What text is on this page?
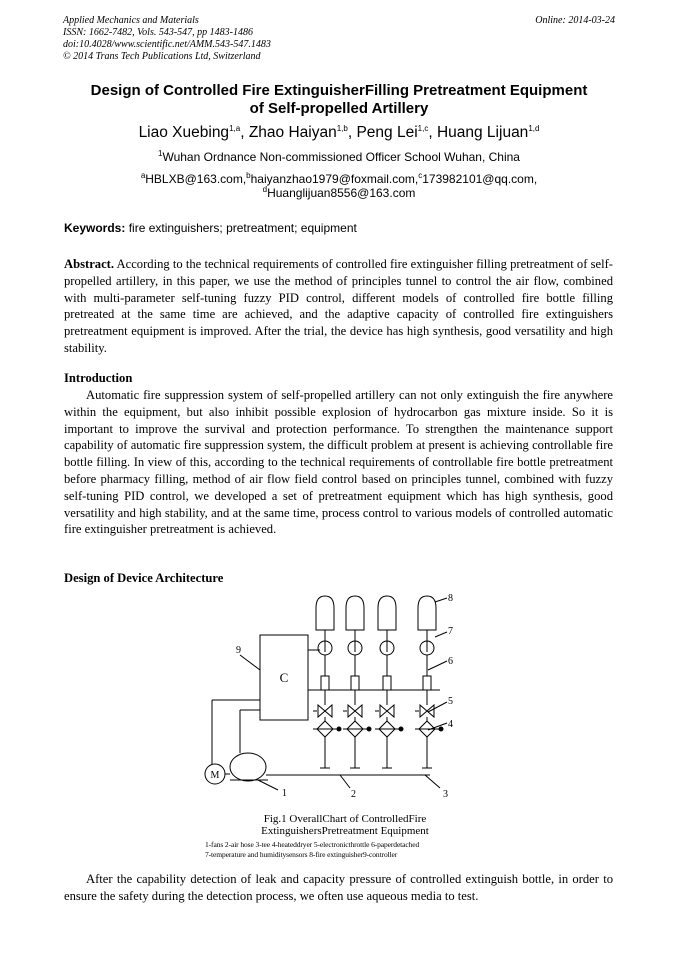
Applied Mechanics and Materials
ISSN: 1662-7482, Vols. 543-547, pp 1483-1486
doi:10.4028/www.scientific.net/AMM.543-547.1483
© 2014 Trans Tech Publications Ltd, Switzerland
Online: 2014-03-24
Design of Controlled Fire ExtinguisherFilling Pretreatment Equipment
of Self-propelled Artillery
Liao Xuebing$^{1,a}$, Zhao Haiyan$^{1,b}$, Peng Lei$^{1,c}$, Huang Lijuan$^{1,d}$
$^1$Wuhan Ordnance Non-commissioned Officer School Wuhan, China
$^a$HBLXB@163.com,$^b$haiyanzhao1979@foxmail.com,$^c$173982101@qq.com,
$^d$Huanglijuan8556@163.com
Keywords: fire extinguishers; pretreatment; equipment
Abstract. According to the technical requirements of controlled fire extinguisher filling pretreatment of self-propelled artillery, in this paper, we use the method of principles tunnel to control the air flow, combined with multi-parameter self-tuning fuzzy PID control, different models of controlled fire bottle filling pretreated at the same time are achieved, and the adaptive capacity of controlled fire extinguishers pretreatment equipment is improved. After the trial, the device has high synthesis, good versatility and high stability.
Introduction
Automatic fire suppression system of self-propelled artillery can not only extinguish the fire anywhere within the equipment, but also inhibit possible explosion of hydrocarbon gas mixture inside. So it is important to improve the survival and protection performance. To strengthen the maintenance support capability of automatic fire suppression system, the difficult problem at present is achieving controllable fire bottle filling. In view of this, according to the technical requirements of controllable fire bottle pretreatment before pharmacy filling, method of air flow field control based on principles tunnel, combined with fuzzy self-tuning PID control, we developed a set of pretreatment equipment which has high synthesis, good versatility and high stability, and at the same time, process control to various models of controlled automatic fire extinguisher pretreatment is achieved.
Design of Device Architecture
C
M
1	2	3
4
5
6
7
8
9
Fig.1 OverallChart of ControlledFire
ExtinguishersPretreatment Equipment
1-fans 2-air hose 3-tee 4-heateddryer 5-electronicthrottle 6-paperdetached
7-temperature and humiditysensors 8-fire extinguisher9-controller
After the capability detection of leak and capacity pressure of controlled extinguish bottle, in order to ensure the safety during the detection process, we often use aqueous media to test.
